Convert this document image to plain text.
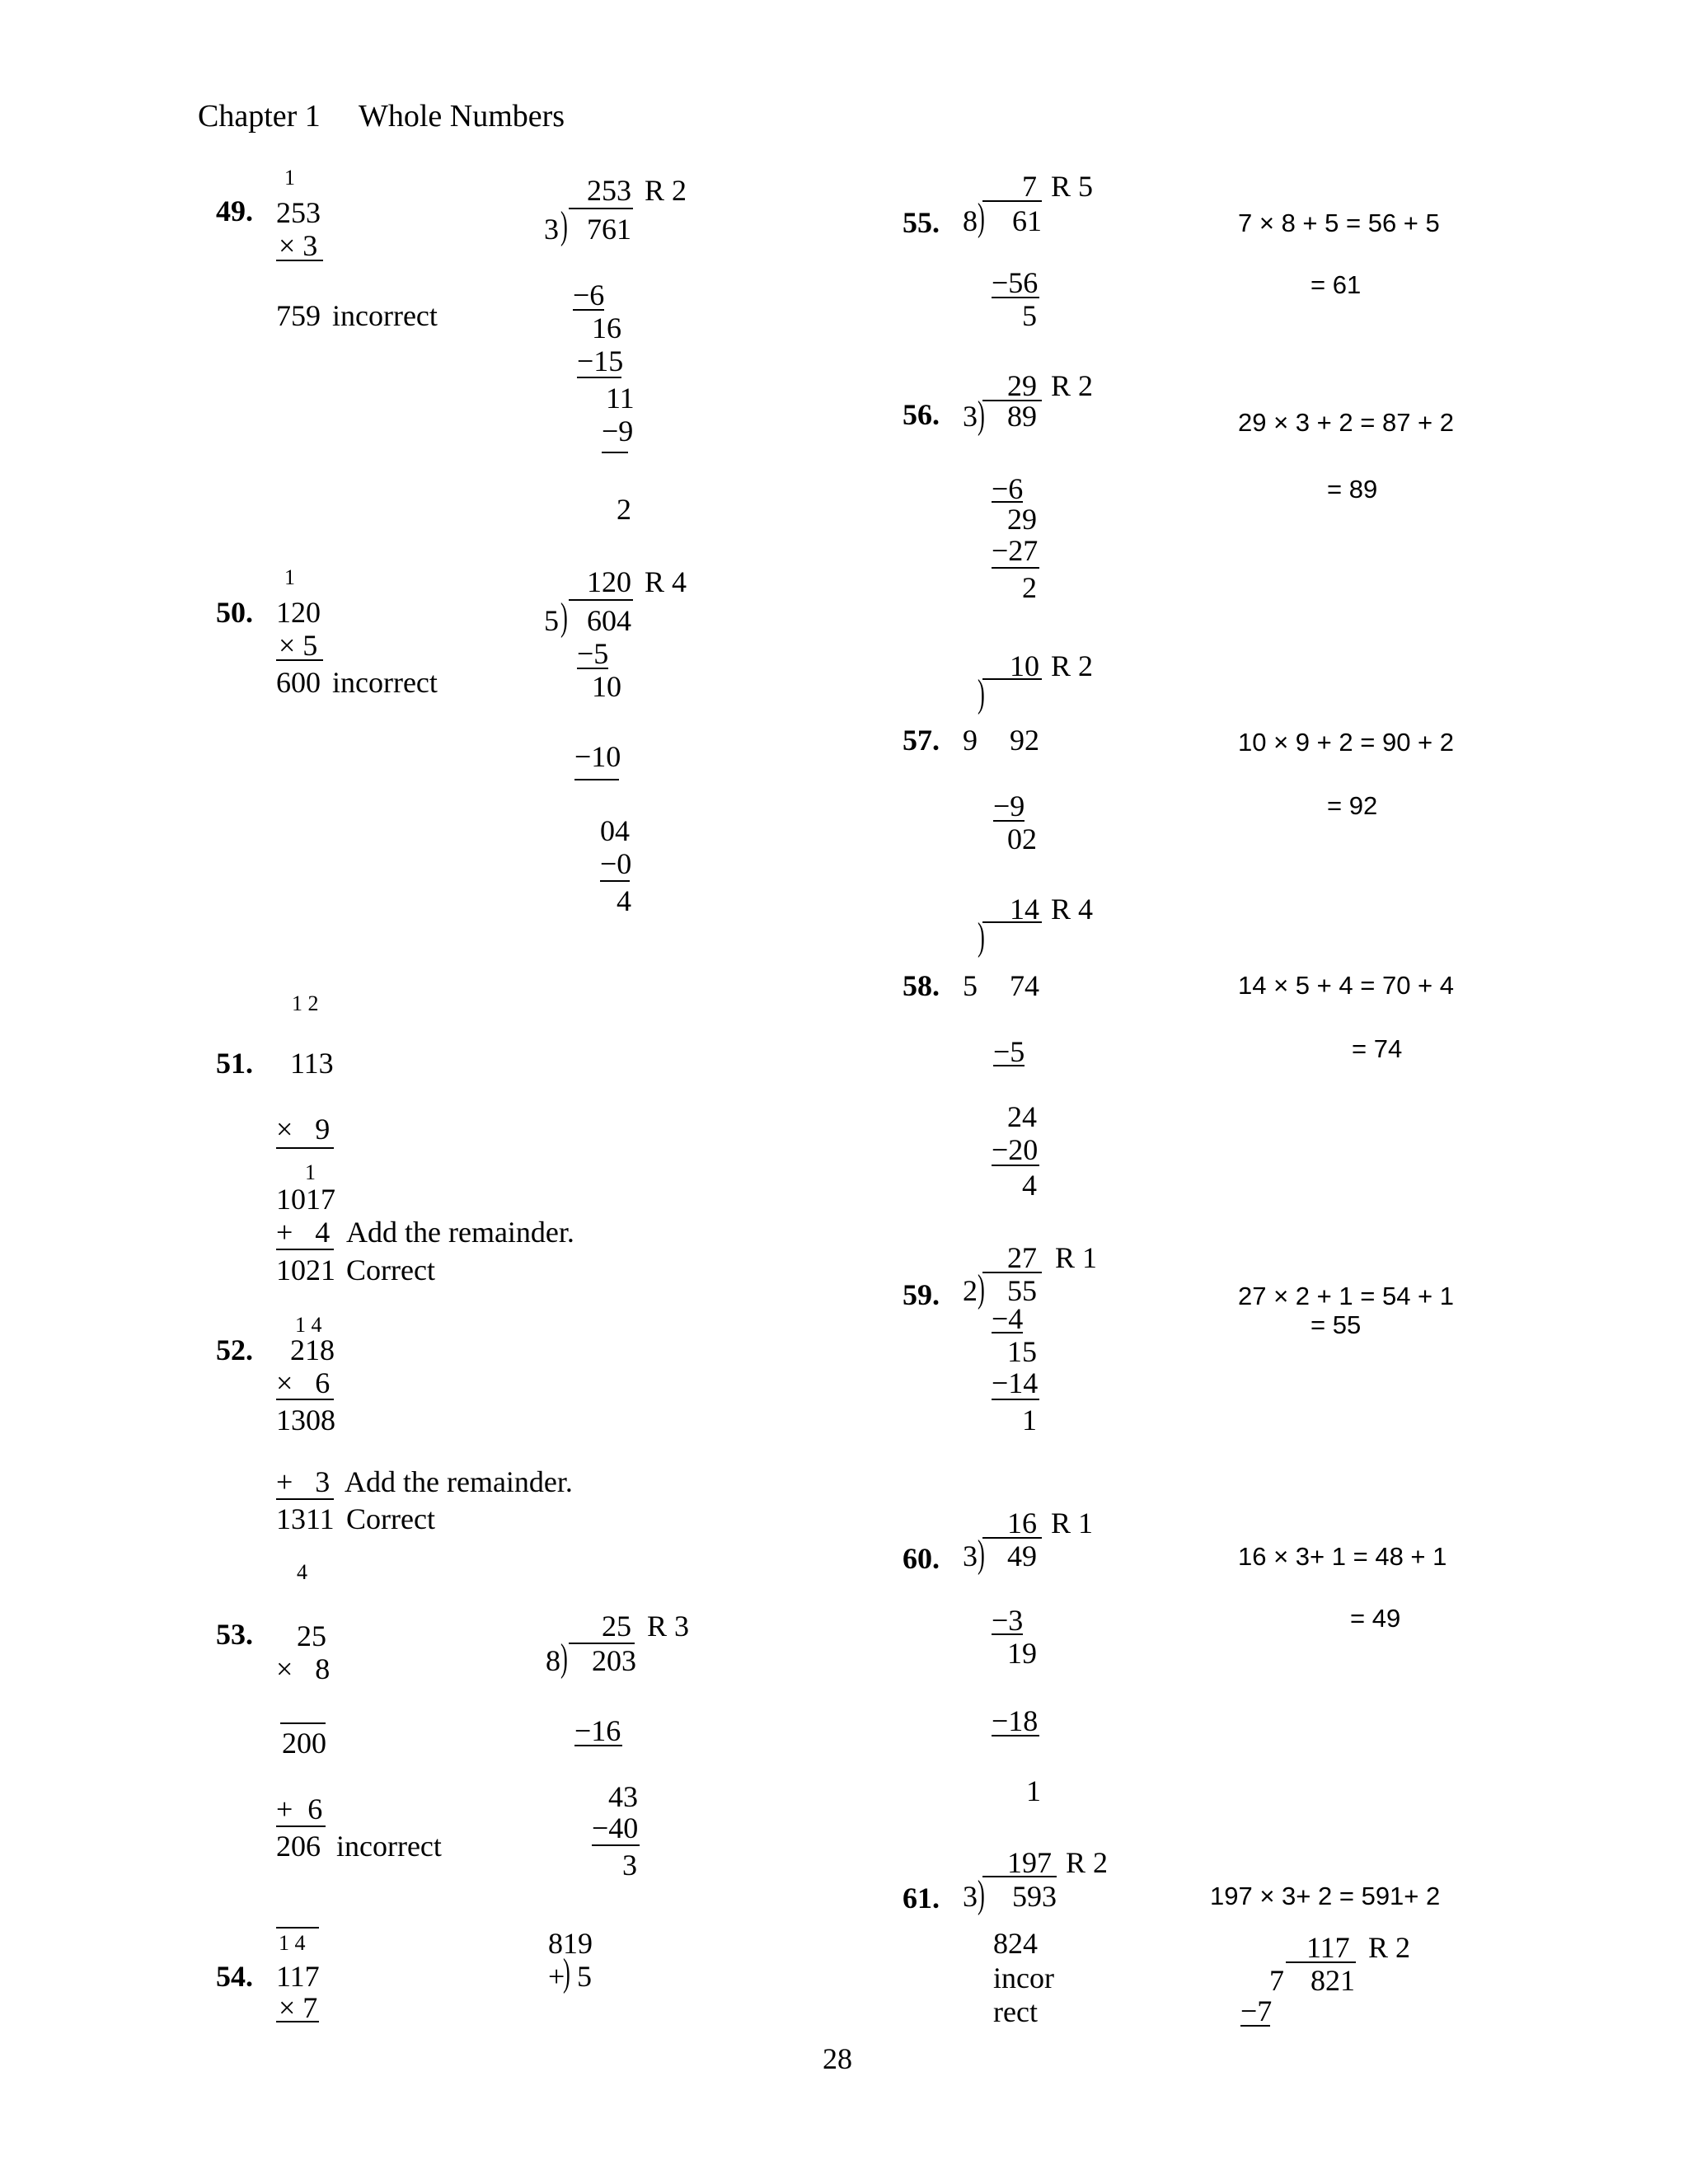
Chapter 1 Whole Numbers
49.
1
253
× 3
759 incorrect
253 R 2
3 ) 761
−6
16
−15
11
−9
2
50.
1
120
× 5
600 incorrect
120 R 4
5 ) 604
−5
10
−10
04
−0
4
51.
1 2
113
×   9
1
1017
+   4 Add the remainder.
1021 Correct
52.
1 4
218
×   6
1308
+   3 Add the remainder.
1311 Correct
53.
4
25
×   8
200
+  6
206 incorrect
25 R 3
8 ) 203
−16
43
−40
3
54.
1 4
117
× 7
819
+
) 5
55.
7 R 5
8 ) 61
−56
5
7 × 8 + 5 = 56 + 5
= 61
56.
29 R 2
3 ) 89
−6
29
−27
2
29 × 3 + 2 = 87 + 2
= 89
57.
10 R 2
)
9 92
−9
02
10 × 9 + 2 = 90 + 2
= 92
58.
14 R 4
)
5 74
−5
24
−20
4
14 × 5 + 4 = 70 + 4
= 74
59.
27 R 1
2 ) 55
−4
15
−14
1
27 × 2 + 1 = 54 + 1
= 55
60.
16 R 1
3 ) 49
−3
19
−18
1
16 × 3+ 1 = 48 + 1
= 49
61.
197 R 2
3 ) 593	197 × 3+ 2 = 591+ 2
824
incor
rect
117 R 2
7 821
−7
28
